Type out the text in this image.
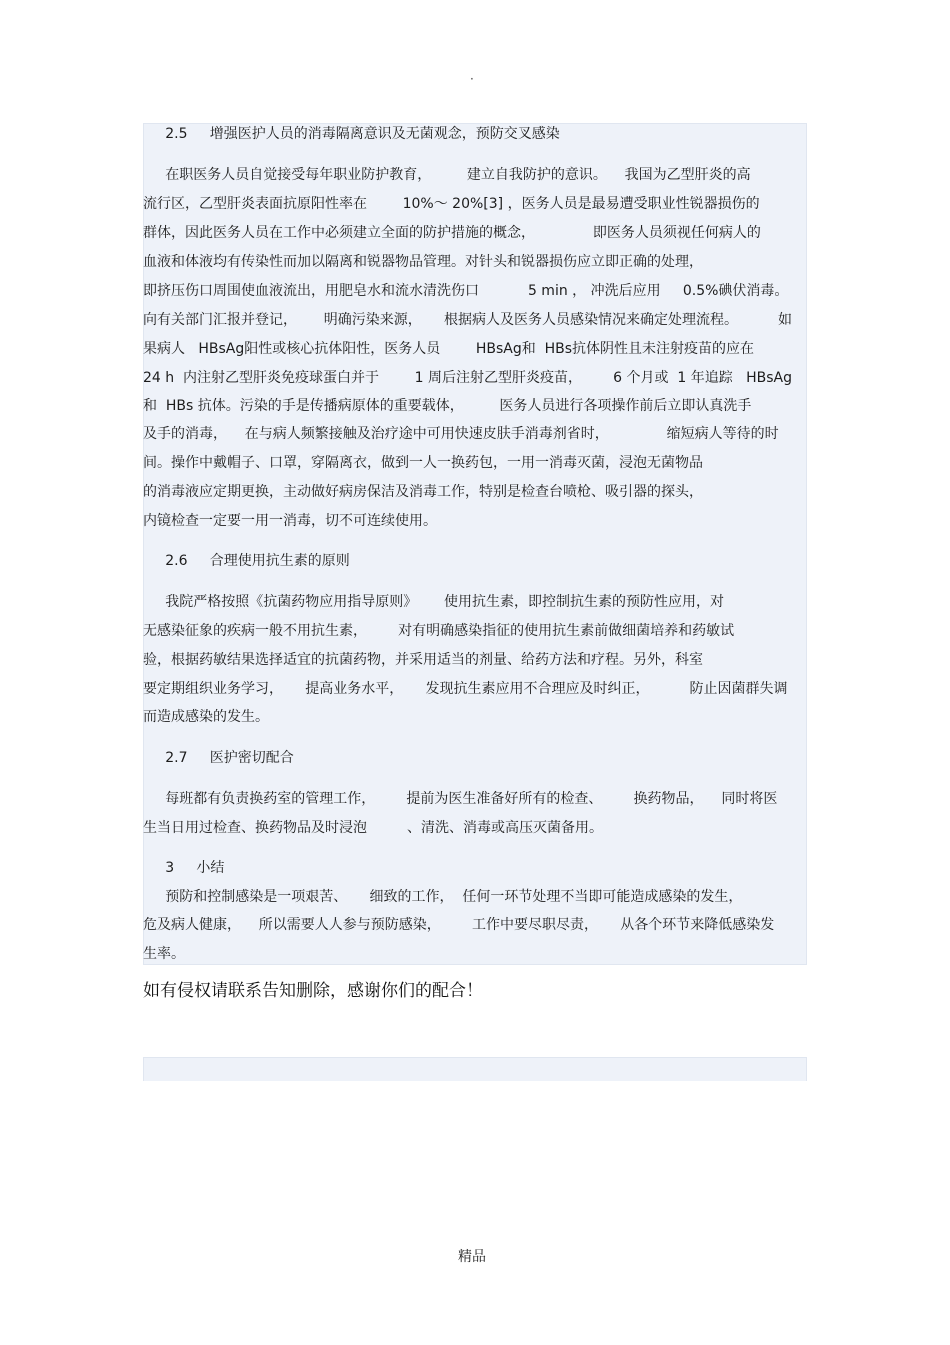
·
2.5     增强医护人员的消毒隔离意识及无菌观念，预防交叉感染
在职医务人员自觉接受每年职业防护教育，        建立自我防护的意识。    我国为乙型肝炎的高
流行区，乙型肝炎表面抗原阳性率在        10%～ 20%[3] ，医务人员是最易遭受职业性锐器损伤的
群体，因此医务人员在工作中必须建立全面的防护措施的概念，             即医务人员须视任何病人的
血液和体液均有传染性而加以隔离和锐器物品管理。对针头和锐器损伤应立即正确的处理，
即挤压伤口周围使血液流出，用肥皂水和流水清洗伤口           5 min ， 冲洗后应用     0.5%碘伏消毒。
向有关部门汇报并登记，      明确污染来源，     根据病人及医务人员感染情况来确定处理流程。         如
果病人   HBsAg阳性或核心抗体阳性，医务人员        HBsAg和  HBs抗体阴性且未注射疫苗的应在
24 h  内注射乙型肝炎免疫球蛋白并于        1 周后注射乙型肝炎疫苗，       6 个月或  1 年追踪   HBsAg
和  HBs 抗体。污染的手是传播病原体的重要载体，        医务人员进行各项操作前后立即认真洗手
及手的消毒，    在与病人频繁接触及治疗途中可用快速皮肤手消毒剂省时，             缩短病人等待的时
间。操作中戴帽子、口罩，穿隔离衣，做到一人一换药包，一用一消毒灭菌，浸泡无菌物品
的消毒液应定期更换，主动做好病房保洁及消毒工作，特别是检查台喷枪、吸引器的探头，
内镜检查一定要一用一消毒，切不可连续使用。
2.6     合理使用抗生素的原则
我院严格按照《抗菌药物应用指导原则》      使用抗生素，即控制抗生素的预防性应用，对
无感染征象的疾病一般不用抗生素，       对有明确感染指征的使用抗生素前做细菌培养和药敏试
验，根据药敏结果选择适宜的抗菌药物，并采用适当的剂量、给药方法和疗程。另外，科室
要定期组织业务学习，     提高业务水平，     发现抗生素应用不合理应及时纠正，         防止因菌群失调
而造成感染的发生。
2.7     医护密切配合
每班都有负责换药室的管理工作，       提前为医生准备好所有的检查、       换药物品，    同时将医
生当日用过检查、换药物品及时浸泡         、清洗、消毒或高压灭菌备用。
3     小结
预防和控制感染是一项艰苦、     细致的工作，  任何一环节处理不当即可能造成感染的发生，
危及病人健康，    所以需要人人参与预防感染，       工作中要尽职尽责，     从各个环节来降低感染发
生率。
如有侵权请联系告知删除，感谢你们的配合！
精品
